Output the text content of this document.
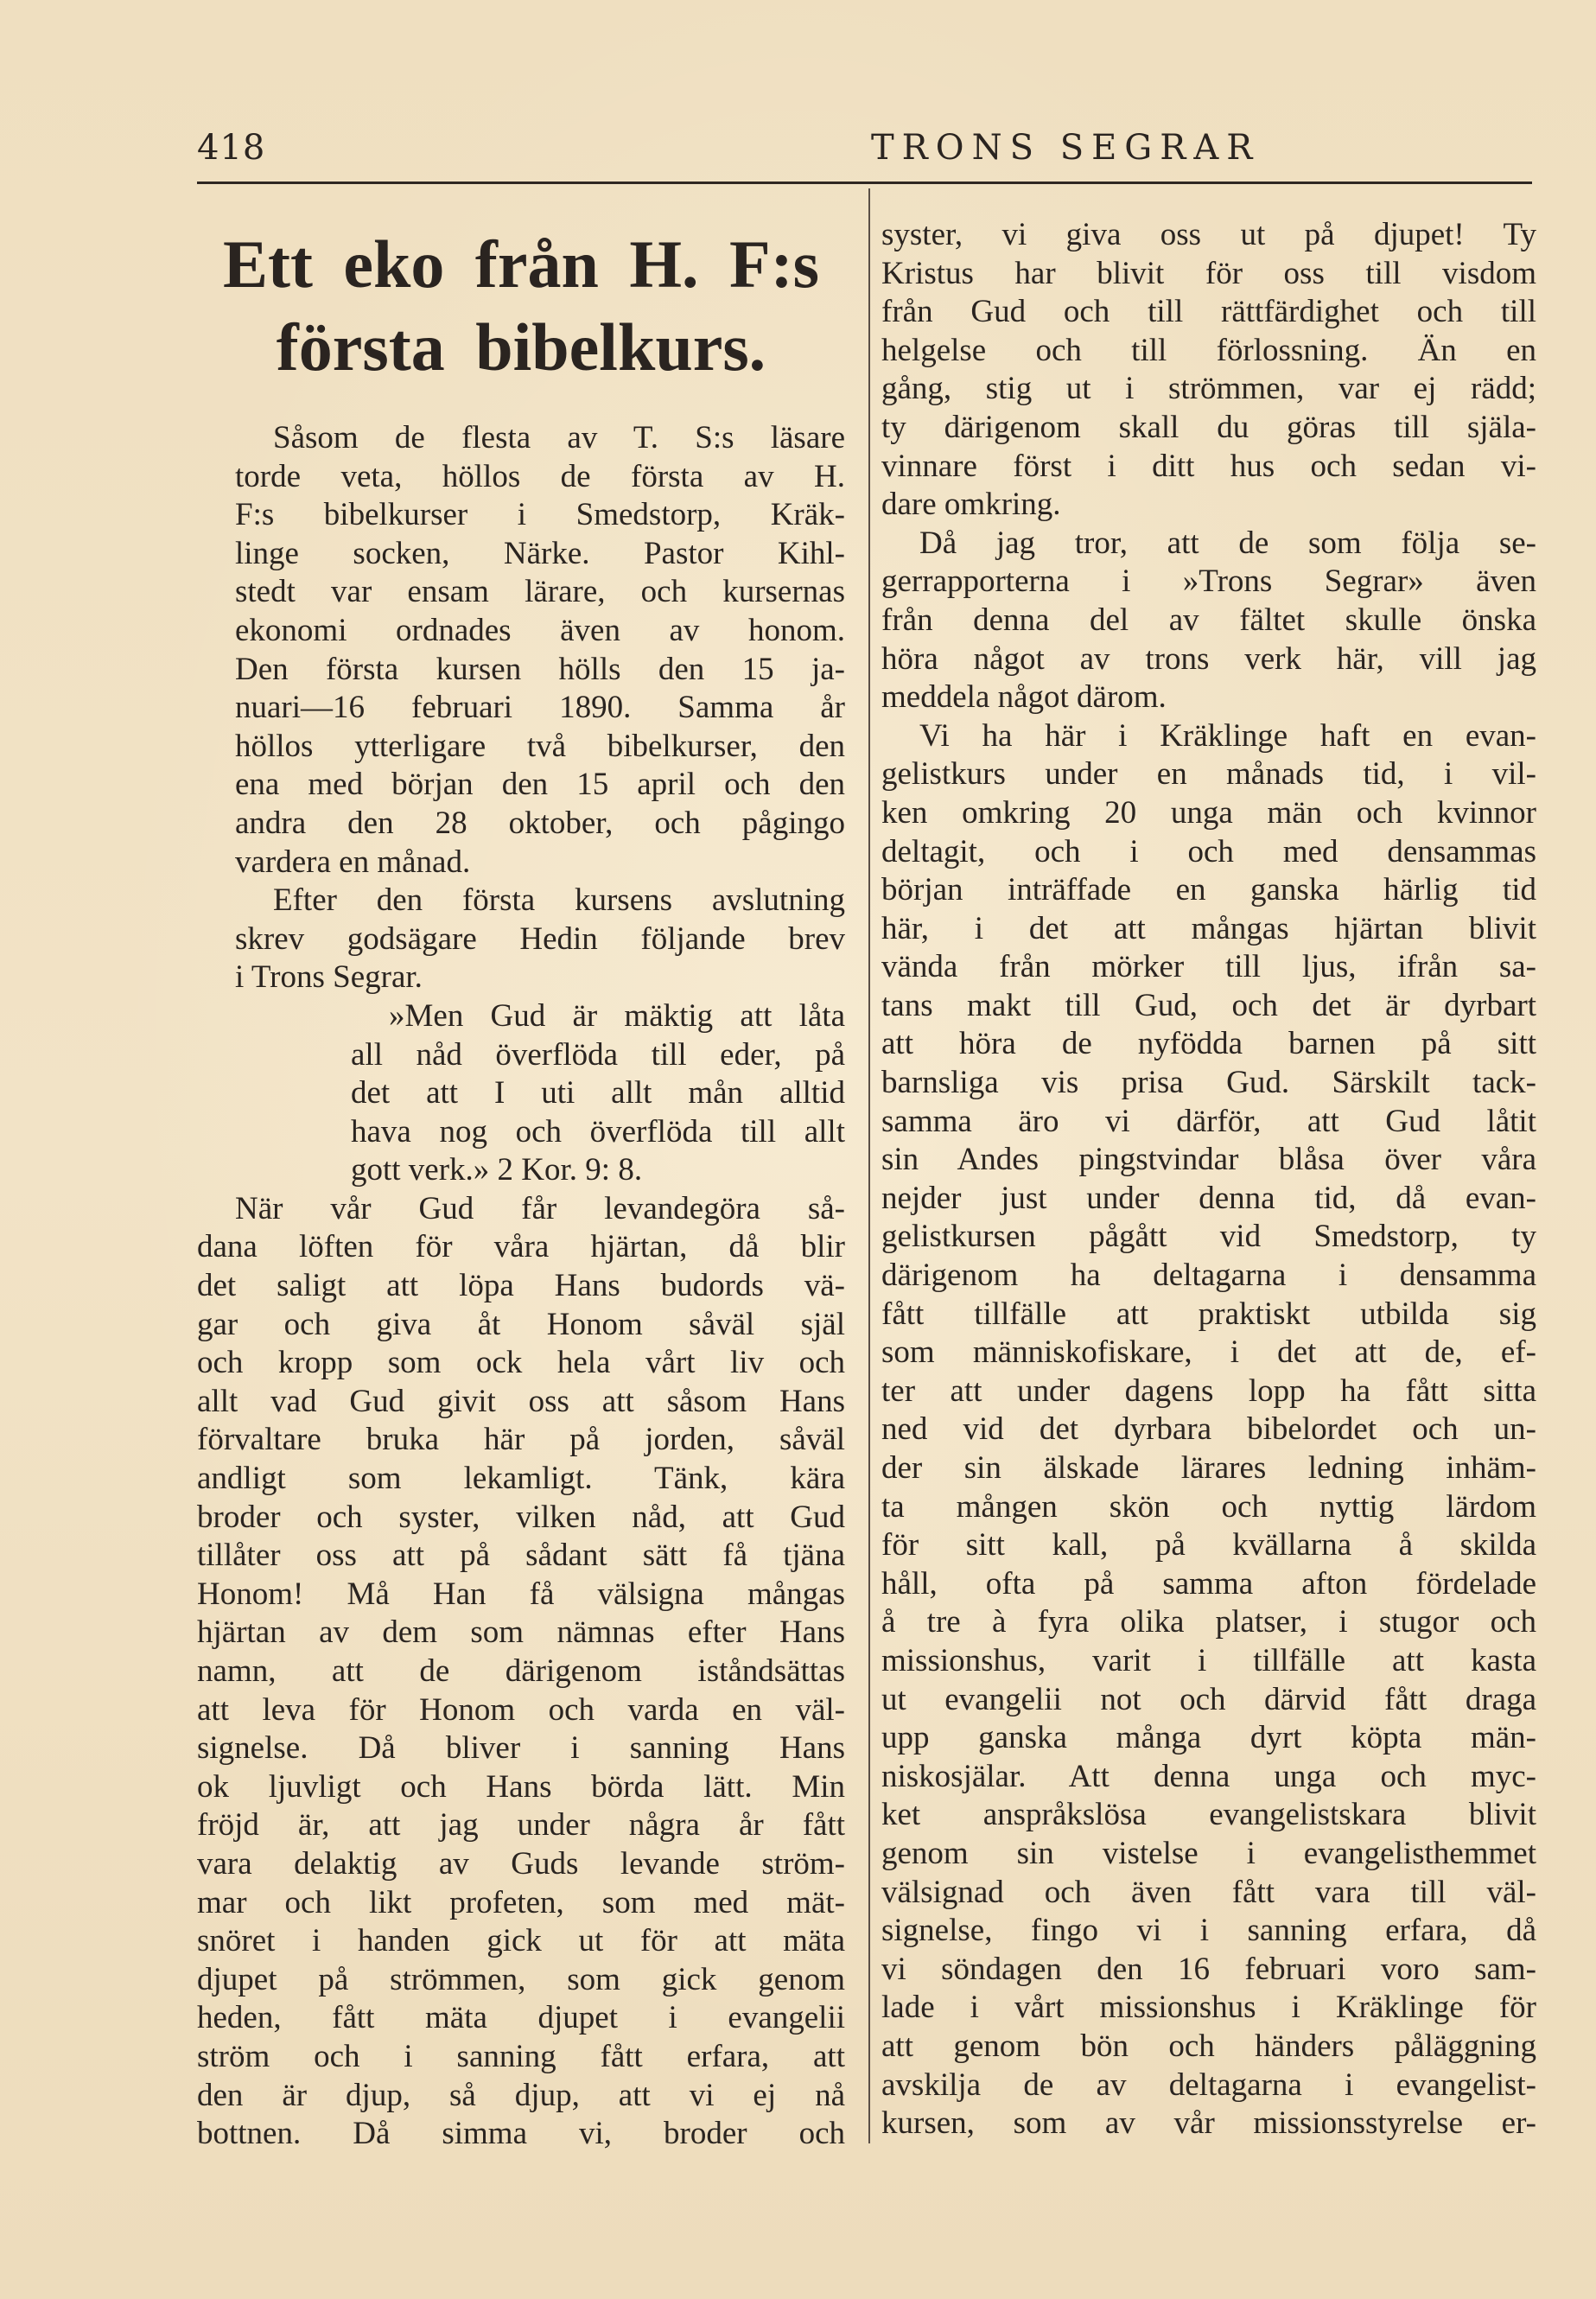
418	TRONS SEGRAR
Ett eko från H. F:s
första bibelkurs.
Såsom de flesta av T. S:s läsare
torde veta, höllos de första av H.
F:s bibelkurser i Smedstorp, Kräk-
linge socken, Närke. Pastor Kihl-
stedt var ensam lärare, och kursernas
ekonomi ordnades även av honom.
Den första kursen hölls den 15 ja-
nuari—16 februari 1890. Samma år
höllos ytterligare två bibelkurser, den
ena med början den 15 april och den
andra den 28 oktober, och pågingo
vardera en månad.
Efter den första kursens avslutning
skrev godsägare Hedin följande brev
i Trons Segrar.
»Men Gud är mäktig att låta
all nåd överflöda till eder, på
det att I uti allt mån alltid
hava nog och överflöda till allt
gott verk.» 2 Kor. 9: 8.
När vår Gud får levandegöra så-
dana löften för våra hjärtan, då blir
det saligt att löpa Hans budords vä-
gar och giva åt Honom såväl själ
och kropp som ock hela vårt liv och
allt vad Gud givit oss att såsom Hans
förvaltare bruka här på jorden, såväl
andligt som lekamligt. Tänk, kära
broder och syster, vilken nåd, att Gud
tillåter oss att på sådant sätt få tjäna
Honom! Må Han få välsigna mångas
hjärtan av dem som nämnas efter Hans
namn, att de därigenom iståndsättas
att leva för Honom och varda en väl-
signelse. Då bliver i sanning Hans
ok ljuvligt och Hans börda lätt. Min
fröjd är, att jag under några år fått
vara delaktig av Guds levande ström-
mar och likt profeten, som med mät-
snöret i handen gick ut för att mäta
djupet på strömmen, som gick genom
heden, fått mäta djupet i evangelii
ström och i sanning fått erfara, att
den är djup, så djup, att vi ej nå
bottnen. Då simma vi, broder och
syster, vi giva oss ut på djupet! Ty
Kristus har blivit för oss till visdom
från Gud och till rättfärdighet och till
helgelse och till förlossning. Än en
gång, stig ut i strömmen, var ej rädd;
ty därigenom skall du göras till själa-
vinnare först i ditt hus och sedan vi-
dare omkring.
Då jag tror, att de som följa se-
gerrapporterna i »Trons Segrar» även
från denna del av fältet skulle önska
höra något av trons verk här, vill jag
meddela något därom.
Vi ha här i Kräklinge haft en evan-
gelistkurs under en månads tid, i vil-
ken omkring 20 unga män och kvinnor
deltagit, och i och med densammas
början inträffade en ganska härlig tid
här, i det att mångas hjärtan blivit
vända från mörker till ljus, ifrån sa-
tans makt till Gud, och det är dyrbart
att höra de nyfödda barnen på sitt
barnsliga vis prisa Gud. Särskilt tack-
samma äro vi därför, att Gud låtit
sin Andes pingstvindar blåsa över våra
nejder just under denna tid, då evan-
gelistkursen pågått vid Smedstorp, ty
därigenom ha deltagarna i densamma
fått tillfälle att praktiskt utbilda sig
som människofiskare, i det att de, ef-
ter att under dagens lopp ha fått sitta
ned vid det dyrbara bibelordet och un-
der sin älskade lärares ledning inhäm-
ta mången skön och nyttig lärdom
för sitt kall, på kvällarna å skilda
håll, ofta på samma afton fördelade
å tre à fyra olika platser, i stugor och
missionshus, varit i tillfälle att kasta
ut evangelii not och därvid fått draga
upp ganska många dyrt köpta män-
niskosjälar. Att denna unga och myc-
ket anspråkslösa evangelistskara blivit
genom sin vistelse i evangelisthemmet
välsignad och även fått vara till väl-
signelse, fingo vi i sanning erfara, då
vi söndagen den 16 februari voro sam-
lade i vårt missionshus i Kräklinge för
att genom bön och händers påläggning
avskilja de av deltagarna i evangelist-
kursen, som av vår missionsstyrelse er-
